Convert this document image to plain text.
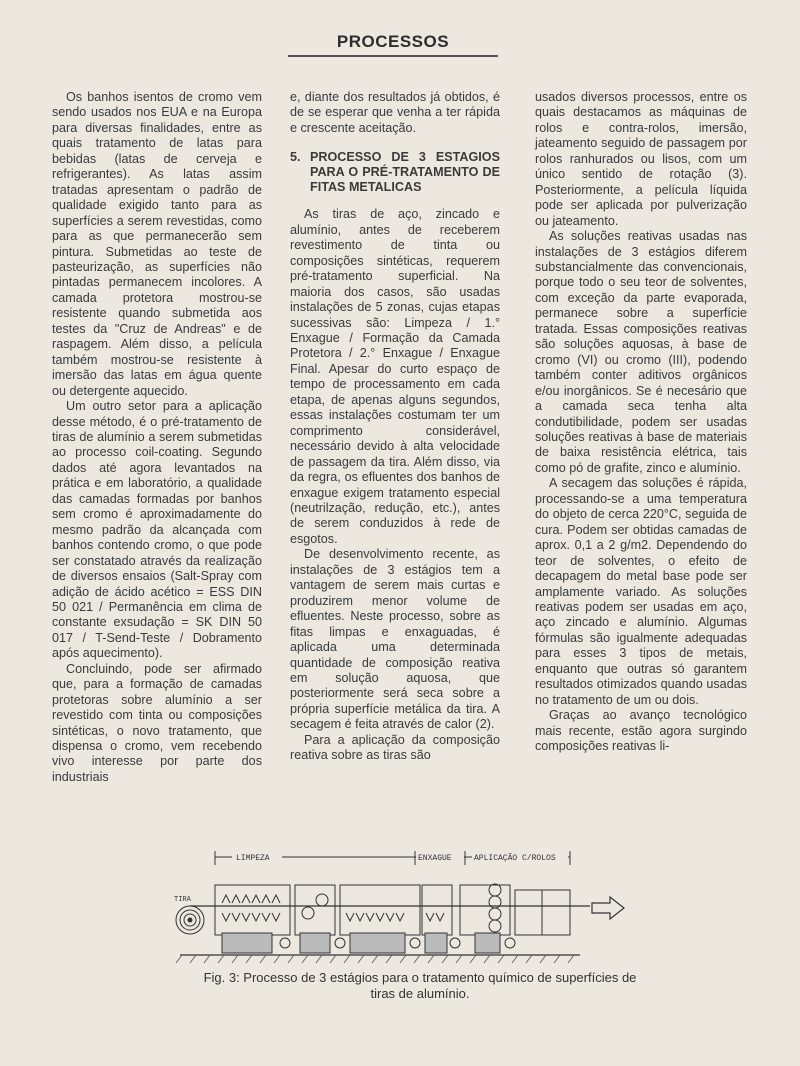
PROCESSOS

Os banhos isentos de cromo vem sendo usados nos EUA e na Europa para diversas finalidades, entre as quais tratamento de latas para bebidas (latas de cerveja e refrigerantes). As latas assim tratadas apresentam o padrão de qualidade exigido tanto para as superfícies a serem revestidas, como para as que permanecerão sem pintura. Submetidas ao teste de pasteurização, as superfícies não pintadas permanecem incolores. A camada protetora mostrou-se resistente quando submetida aos testes da "Cruz de Andreas" e de raspagem. Além disso, a película também mostrou-se resistente à imersão das latas em água quente ou detergente aquecido.

Um outro setor para a aplicação desse método, é o pré-tratamento de tiras de alumínio a serem submetidas ao processo coil-coating. Segundo dados até agora levantados na prática e em laboratório, a qualidade das camadas formadas por banhos sem cromo é aproximadamente do mesmo padrão da alcançada com banhos contendo cromo, o que pode ser constatado através da realização de diversos ensaios (Salt-Spray com adição de ácido acético = ESS DIN 50 021 / Permanência em clima de constante exsudação = SK DIN 50 017 / T-Send-Teste / Dobramento após aquecimento).

Concluindo, pode ser afirmado que, para a formação de camadas protetoras sobre alumínio a ser revestido com tinta ou composições sintéticas, o novo tratamento, que dispensa o cromo, vem recebendo vivo interesse por parte dos industriais

e, diante dos resultados já obtidos, é de se esperar que venha a ter rápida e crescente aceitação.

5. PROCESSO DE 3 ESTAGIOS PARA O PRÉ-TRATAMENTO DE FITAS METALICAS

As tiras de aço, zincado e alumínio, antes de receberem revestimento de tinta ou composições sintéticas, requerem pré-tratamento superficial. Na maioria dos casos, são usadas instalações de 5 zonas, cujas etapas sucessivas são: Limpeza / 1.° Enxague / Formação da Camada Protetora / 2.° Enxague / Enxague Final. Apesar do curto espaço de tempo de processamento em cada etapa, de apenas alguns segundos, essas instalações costumam ter um comprimento considerável, necessário devido à alta velocidade de passagem da tira. Além disso, via da regra, os efluentes dos banhos de enxague exigem tratamento especial (neutrilzação, redução, etc.), antes de serem conduzidos à rede de esgotos.

De desenvolvimento recente, as instalações de 3 estágios tem a vantagem de serem mais curtas e produzirem menor volume de efluentes. Neste processo, sobre as fitas limpas e enxaguadas, é aplicada uma determinada quantidade de composição reativa em solução aquosa, que posteriormente será seca sobre a própria superfície metálica da tira. A secagem é feita através de calor (2).

Para a aplicação da composição reativa sobre as tiras são

usados diversos processos, entre os quais destacamos as máquinas de rolos e contra-rolos, imersão, jateamento seguido de passagem por rolos ranhurados ou lisos, com um único sentido de rotação (3). Posteriormente, a película líquida pode ser aplicada por pulverização ou jateamento.

As soluções reativas usadas nas instalações de 3 estágios diferem substancialmente das convencionais, porque todo o seu teor de solventes, com exceção da parte evaporada, permanece sobre a superfície tratada. Essas composições reativas são soluções aquosas, à base de cromo (VI) ou cromo (III), podendo também conter aditivos orgânicos e/ou inorgânicos. Se é necesário que a camada seca tenha alta condutibilidade, podem ser usadas soluções reativas à base de materiais de baixa resistência elétrica, tais como pó de grafite, zinco e alumínio.

A secagem das soluções é rápida, processando-se a uma temperatura do objeto de cerca 220°C, seguida de cura. Podem ser obtidas camadas de aprox. 0,1 a 2 g/m2. Dependendo do teor de solventes, o efeito de decapagem do metal base pode ser amplamente variado. As soluções reativas podem ser usadas em aço, aço zincado e alumínio. Algumas fórmulas são igualmente adequadas para esses 3 tipos de metais, enquanto que outras só garantem resultados otimizados quando usadas no tratamento de um ou dois.

Graças ao avanço tecnológico mais recente, estão agora surgindo composições reativas li-

LIMPEZA	ENXAGUE	APLICAÇÃO C/ROLOS
TIRA
Fig. 3: Processo de 3 estágios para o tratamento químico de superfícies de tiras de alumínio.
